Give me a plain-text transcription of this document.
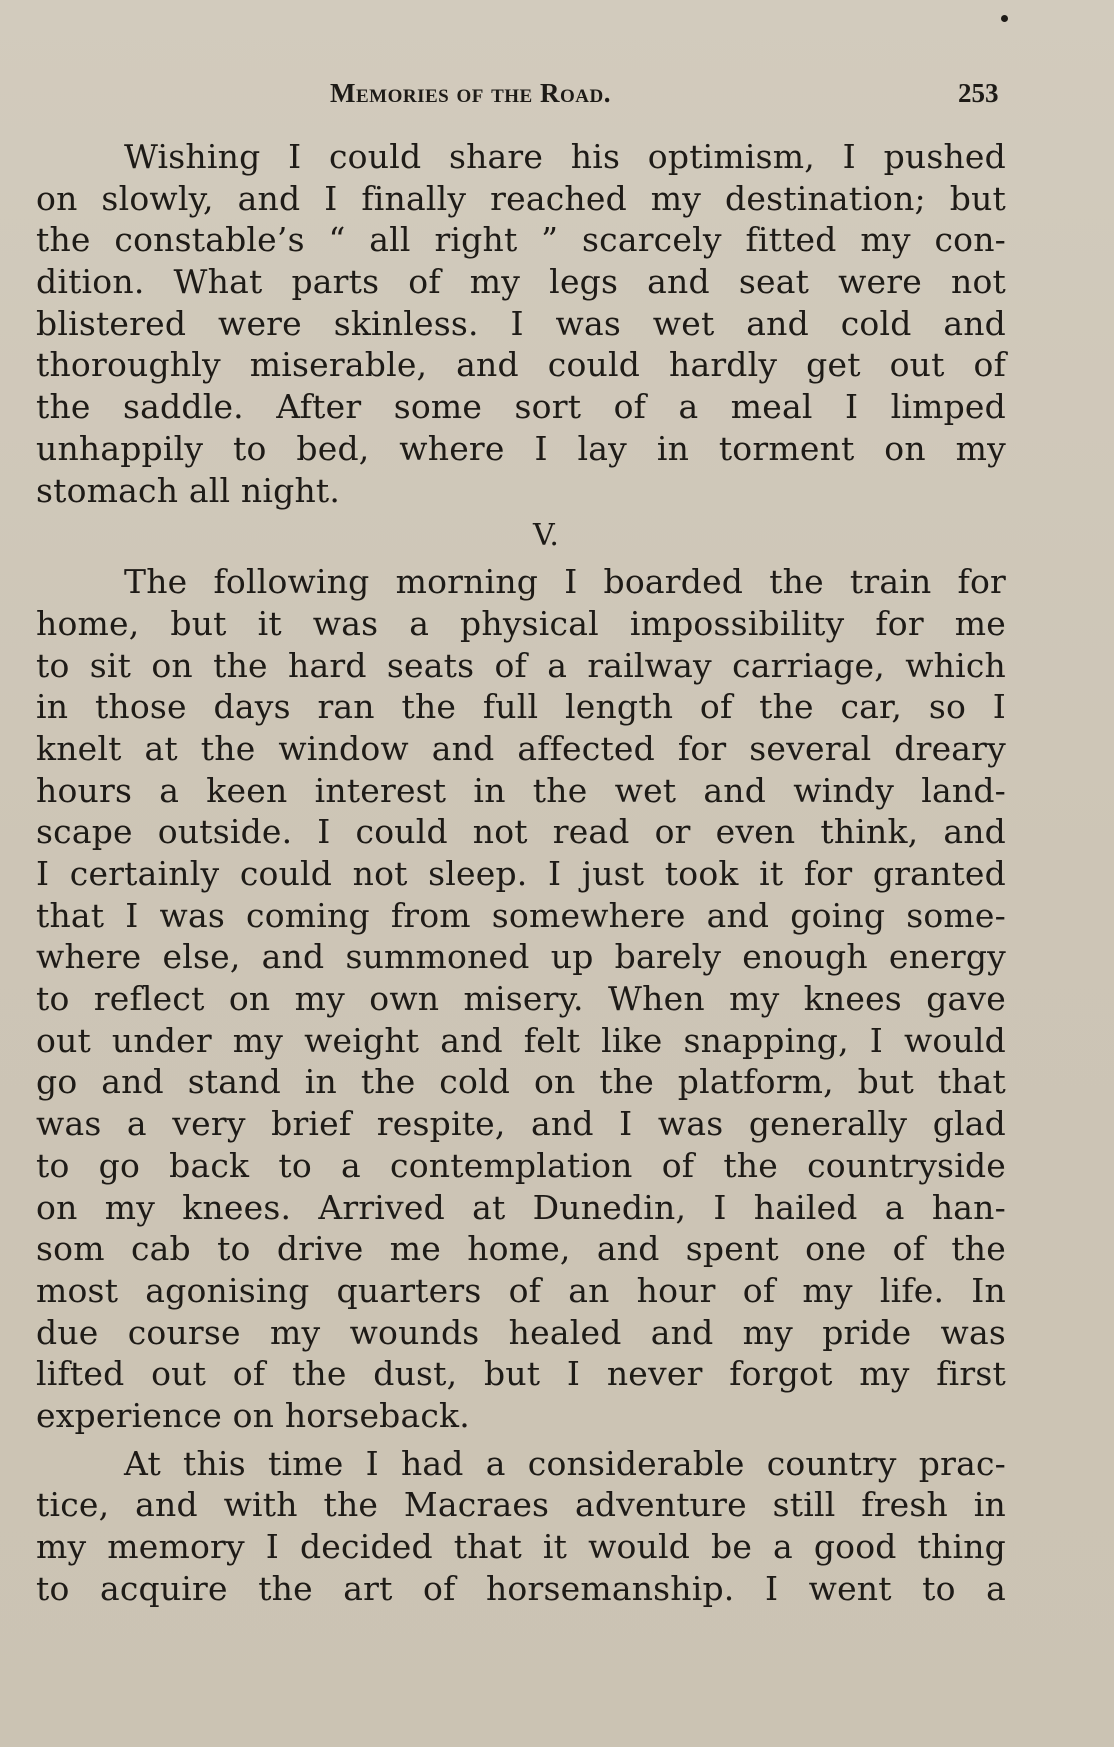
Memories of the Road.	253
Wishing I could share his optimism, I pushed
on slowly, and I finally reached my destination; but
the constable’s “ all right ” scarcely fitted my con-
dition. What parts of my legs and seat were not
blistered were skinless. I was wet and cold and
thoroughly miserable, and could hardly get out of
the saddle. After some sort of a meal I limped
unhappily to bed, where I lay in torment on my
stomach all night.
V.
The following morning I boarded the train for
home, but it was a physical impossibility for me
to sit on the hard seats of a railway carriage, which
in those days ran the full length of the car, so I
knelt at the window and affected for several dreary
hours a keen interest in the wet and windy land-
scape outside. I could not read or even think, and
I certainly could not sleep. I just took it for granted
that I was coming from somewhere and going some-
where else, and summoned up barely enough energy
to reflect on my own misery. When my knees gave
out under my weight and felt like snapping, I would
go and stand in the cold on the platform, but that
was a very brief respite, and I was generally glad
to go back to a contemplation of the countryside
on my knees. Arrived at Dunedin, I hailed a han-
som cab to drive me home, and spent one of the
most agonising quarters of an hour of my life. In
due course my wounds healed and my pride was
lifted out of the dust, but I never forgot my first
experience on horseback.
At this time I had a considerable country prac-
tice, and with the Macraes adventure still fresh in
my memory I decided that it would be a good thing
to acquire the art of horsemanship. I went to a
